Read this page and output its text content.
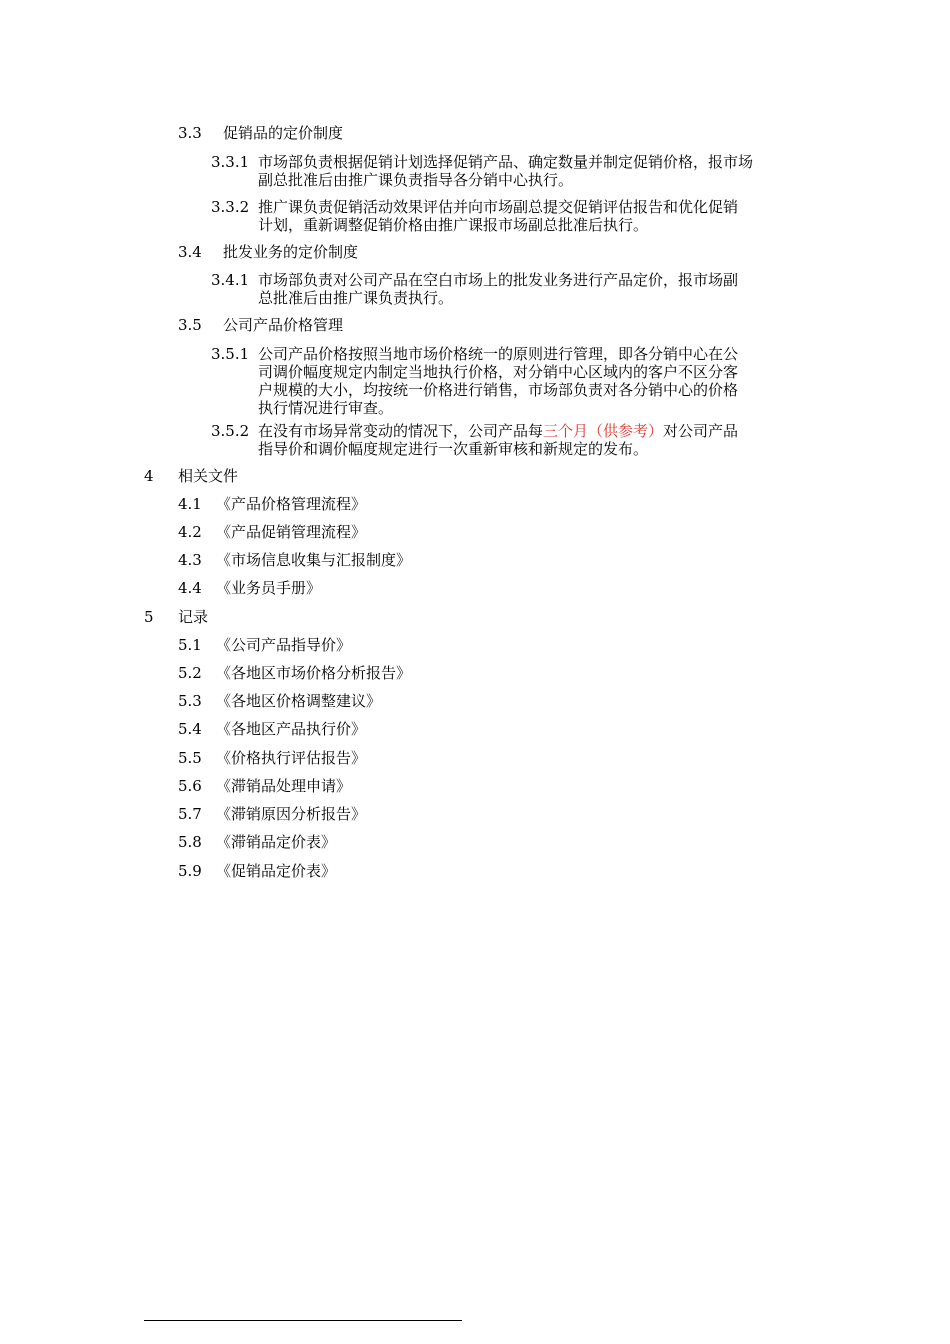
3.3 促销品的定价制度
3.3.1 市场部负责根据促销计划选择促销产品、确定数量并制定促销价格，报市场
副总批准后由推广课负责指导各分销中心执行。
3.3.2 推广课负责促销活动效果评估并向市场副总提交促销评估报告和优化促销
计划，重新调整促销价格由推广课报市场副总批准后执行。
3.4 批发业务的定价制度
3.4.1 市场部负责对公司产品在空白市场上的批发业务进行产品定价，报市场副
总批准后由推广课负责执行。
3.5 公司产品价格管理
3.5.1 公司产品价格按照当地市场价格统一的原则进行管理，即各分销中心在公
司调价幅度规定内制定当地执行价格，对分销中心区域内的客户不区分客
户规模的大小，均按统一价格进行销售，市场部负责对各分销中心的价格
执行情况进行审查。
3.5.2 在没有市场异常变动的情况下，公司产品每三个月（供参考）对公司产品
指导价和调价幅度规定进行一次重新审核和新规定的发布。
4 相关文件
4.1 《产品价格管理流程》
4.2 《产品促销管理流程》
4.3 《市场信息收集与汇报制度》
4.4 《业务员手册》
5 记录
5.1 《公司产品指导价》
5.2 《各地区市场价格分析报告》
5.3 《各地区价格调整建议》
5.4 《各地区产品执行价》
5.5 《价格执行评估报告》
5.6 《滞销品处理申请》
5.7 《滞销原因分析报告》
5.8 《滞销品定价表》
5.9 《促销品定价表》
